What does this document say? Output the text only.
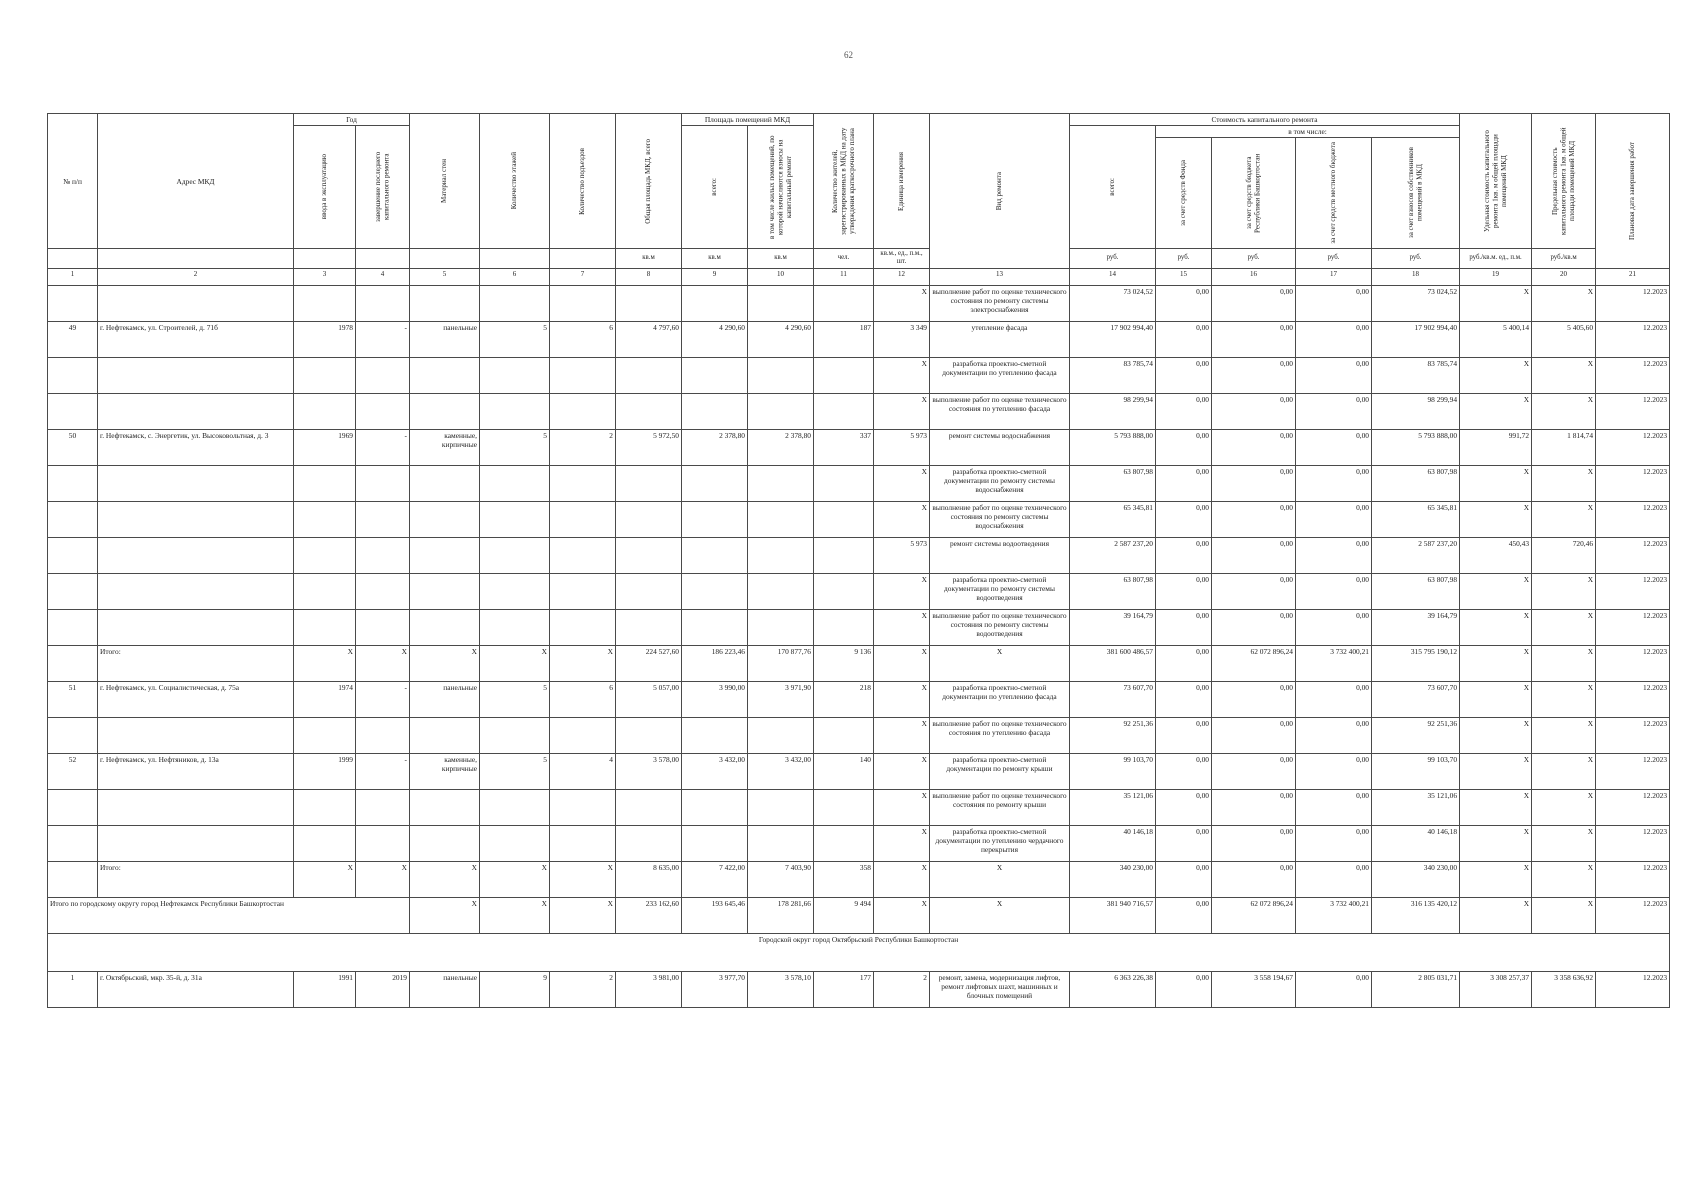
62
№ п/п	Адрес МКД	Год		Материал стен	Количество этажей	Количество подъездов	Общая площадь МКД, всего	Площадь помещений МКД		Количество жителей, зарегистрированных в МКД на дату утверждения краткосрочного плана	Единица измерения	Вид ремонта	Стоимость капитального ремонта					Удельная стоимость капитального ремонта 1кв. м общей площади помещений МКД	Предельная стоимость капитального ремонта 1кв. м общей площади помещений МКД	Плановая дата завершения работ

		ввода в эксплуатацию	завершение последнего капитального ремонта					всего:	в том числе жилых помещений, по которой начисляются взносы на капитальный ремонт				всего:	в том числе:						

														за счет средств Фонда	за счет средств бюджета Республики Башкортостан	за счет средств местного бюджета	за счет взносов собственников помещений в МКД			

							кв.м	кв.м	кв.м	чел.	кв.м., ед., п.м., шт.		руб.	руб.	руб.	руб.	руб.	руб./кв.м. ед., п.м.	руб./кв.м	
1	2	3	4	5	6	7	8	9	10	11	12	13	14	15	16	17	18	19	20	21
											X	выполнение работ по оценке технического состояния по ремонту системы электроснабжения	73 024,52	0,00	0,00	0,00	73 024,52	X	X	12.2023
49	г. Нефтекамск, ул. Строителей, д. 71б	1978	-	панельные	5	6	4 797,60	4 290,60	4 290,60	187	3 349	утепление фасада	17 902 994,40	0,00	0,00	0,00	17 902 994,40	5 400,14	5 405,60	12.2023
											X	разработка проектно-сметной документации по утеплению фасада	83 785,74	0,00	0,00	0,00	83 785,74	X	X	12.2023
											X	выполнение работ по оценке технического состояния по утеплению фасада	98 299,94	0,00	0,00	0,00	98 299,94	X	X	12.2023
50	г. Нефтекамск, с. Энергетик, ул. Высоковольтная, д. 3	1969	-	каменные, кирпичные	5	2	5 972,50	2 378,80	2 378,80	337	5 973	ремонт системы водоснабжения	5 793 888,00	0,00	0,00	0,00	5 793 888,00	991,72	1 814,74	12.2023
											X	разработка проектно-сметной документации по ремонту системы водоснабжения	63 807,98	0,00	0,00	0,00	63 807,98	X	X	12.2023
											X	выполнение работ по оценке технического состояния по ремонту системы водоснабжения	65 345,81	0,00	0,00	0,00	65 345,81	X	X	12.2023
											5 973	ремонт системы водоотведения	2 587 237,20	0,00	0,00	0,00	2 587 237,20	450,43	720,46	12.2023
											X	разработка проектно-сметной документации по ремонту системы водоотведения	63 807,98	0,00	0,00	0,00	63 807,98	X	X	12.2023
											X	выполнение работ по оценке технического состояния по ремонту системы водоотведения	39 164,79	0,00	0,00	0,00	39 164,79	X	X	12.2023
	Итого:	X	X	X	X	X	224 527,60	186 223,46	170 877,76	9 136	X	X	381 600 486,57	0,00	62 072 896,24	3 732 400,21	315 795 190,12	X	X	12.2023
51	г. Нефтекамск, ул. Социалистическая, д. 75а	1974	-	панельные	5	6	5 057,00	3 990,00	3 971,90	218	X	разработка проектно-сметной документации по утеплению фасада	73 607,70	0,00	0,00	0,00	73 607,70	X	X	12.2023
											X	выполнение работ по оценке технического состояния по утеплению фасада	92 251,36	0,00	0,00	0,00	92 251,36	X	X	12.2023
52	г. Нефтекамск, ул. Нефтяников, д. 13а	1999	-	каменные, кирпичные	5	4	3 578,00	3 432,00	3 432,00	140	X	разработка проектно-сметной документации по ремонту крыши	99 103,70	0,00	0,00	0,00	99 103,70	X	X	12.2023
											X	выполнение работ по оценке технического состояния по ремонту крыши	35 121,06	0,00	0,00	0,00	35 121,06	X	X	12.2023
											X	разработка проектно-сметной документации по утеплению чердачного перекрытия	40 146,18	0,00	0,00	0,00	40 146,18	X	X	12.2023
	Итого:	X	X	X	X	X	8 635,00	7 422,00	7 403,90	358	X	X	340 230,00	0,00	0,00	0,00	340 230,00	X	X	12.2023
Итого по городскому округу город Нефтекамск Республики Башкортостан				X	X	X	233 162,60	193 645,46	178 281,66	9 494	X	X	381 940 716,57	0,00	62 072 896,24	3 732 400,21	316 135 420,12	X	X	12.2023
Городской округ город Октябрьский Республики Башкортостан																				
1	г. Октябрьский, мкр. 35-й, д. 31а	1991	2019	панельные	9	2	3 981,00	3 977,70	3 578,10	177	2	ремонт, замена, модернизация лифтов, ремонт лифтовых шахт, машинных и блочных помещений	6 363 226,38	0,00	3 558 194,67	0,00	2 805 031,71	3 308 257,37	3 358 636,92	12.2023
